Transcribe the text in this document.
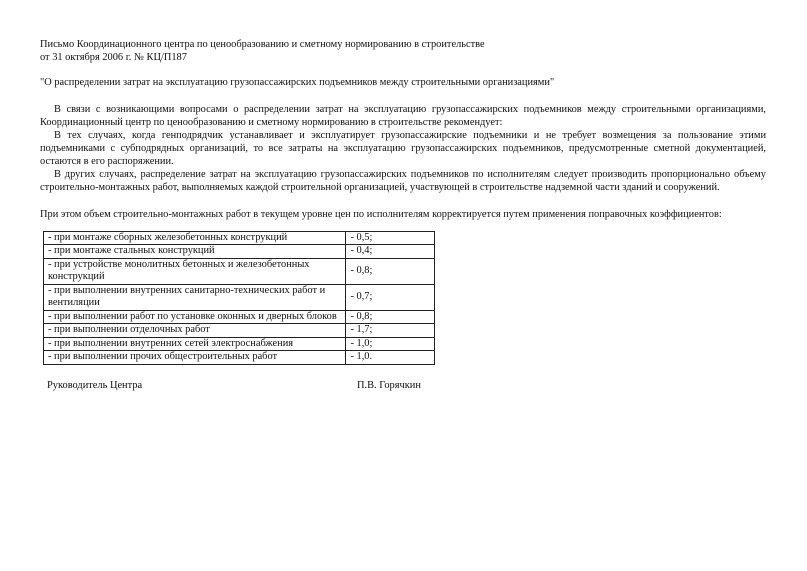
Письмо Координационного центра по ценообразованию и сметному нормированию в строительстве
от 31 октября 2006 г. № КЦ/П187
"О распределении затрат на эксплуатацию грузопассажирских подъемников между строительными организациями"

В связи с возникающими вопросами о распределении затрат на эксплуатацию грузопассажирских подъемников между строительными организациями, Координационный центр по ценообразованию и сметному нормированию в строительстве рекомендует:

В тех случаях, когда генподрядчик устанавливает и эксплуатирует грузопассажирские подъемники и не требует возмещения за пользование этими подъемниками с субподрядных организаций, то все затраты на эксплуатацию грузопассажирских подъемников, предусмотренные сметной документацией, остаются в его распоряжении.

В других случаях, распределение затрат на эксплуатацию грузопассажирских подъемников по исполнителям следует производить пропорционально объему строительно-монтажных работ, выполняемых каждой строительной организацией, участвующей в строительстве надземной части зданий и сооружений.

При этом объем строительно-монтажных работ в текущем уровне цен по исполнителям корректируется путем применения поправочных коэффициентов:
- при монтаже сборных железобетонных конструкций	- 0,5;
- при монтаже стальных конструкций	- 0,4;
- при устройстве монолитных бетонных и железобетонных конструкций	- 0,8;
- при выполнении внутренних санитарно-технических работ и вентиляции	- 0,7;
- при выполнении работ по установке оконных и дверных блоков	- 0,8;
- при выполнении отделочных работ	- 1,7;
- при выполнении внутренних сетей электроснабжения	- 1,0;
- при выполнении прочих общестроительных работ	- 1,0.
Руководитель Центра	П.В. Горячкин
